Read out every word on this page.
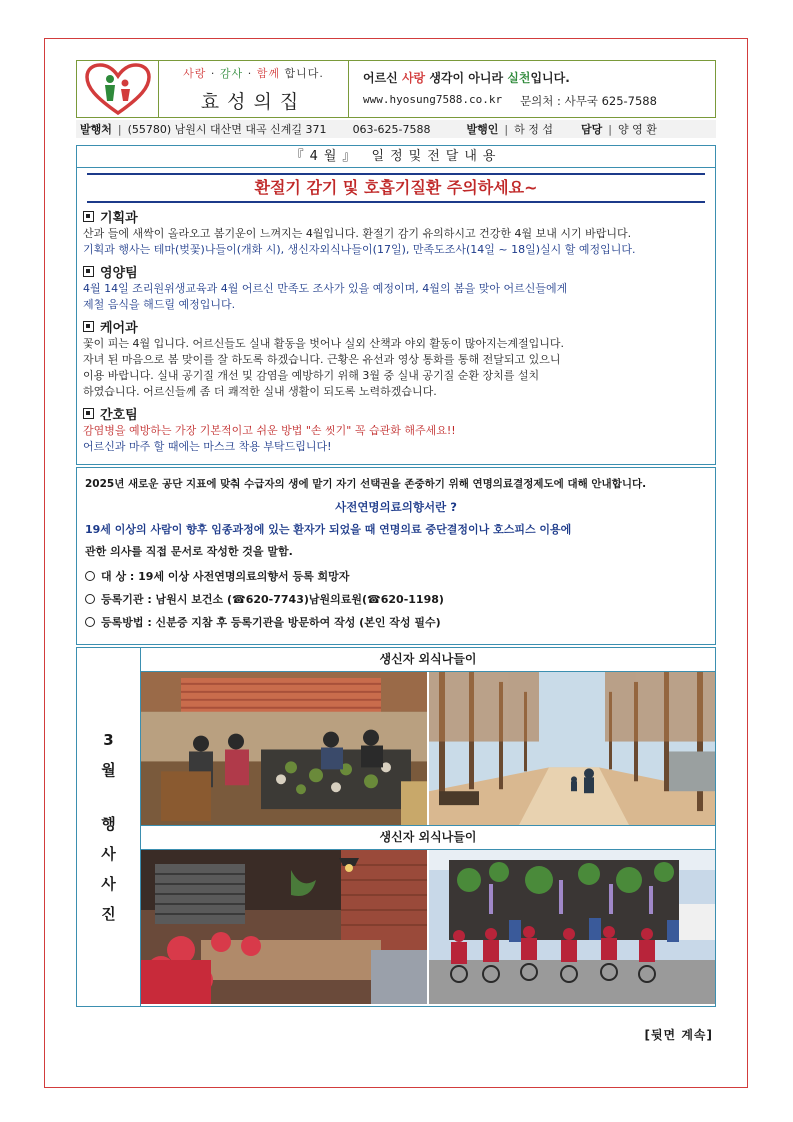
사랑 · 감사 · 함께 합니다.
효성의집
어르신 사랑 생각이 아니라 실천입니다.
www.hyosung7588.co.kr 문의처 : 사무국 625-7588
발행처 | (55780) 남원시 대산면 대곡 신계길 371 063-625-7588	발행인 | 하 정 섭	담당 | 양 영 환
『4월』 일정및전달내용
환절기 감기 및 호흡기질환 주의하세요~
기획과
산과 들에 새싹이 올라오고 봄기운이 느껴지는 4월입니다. 환절기 감기 유의하시고 건강한 4월 보내 시기 바랍니다.
기획과 행사는 테마(벚꽃)나들이(개화 시), 생신자외식나들이(17일), 만족도조사(14일 ~ 18일)실시 할 예정입니다.
영양팀
4월 14일 조리원위생교육과 4월 어르신 만족도 조사가 있을 예정이며, 4월의 봄을 맞아 어르신들에게
제철 음식을 해드릴 예정입니다.
케어과
꽃이 피는 4월 입니다. 어르신들도 실내 활동을 벗어나 실외 산책과 야외 활동이 많아지는계절입니다.
자녀 된 마음으로 봄 맞이를 잘 하도록 하겠습니다. 근황은 유선과 영상 통화를 통해 전달되고 있으니
이용 바랍니다. 실내 공기질 개선 및 감염을 예방하기 위해 3월 중 실내 공기질 순환 장치를 설치
하였습니다. 어르신들께 좀 더 쾌적한 실내 생활이 되도록 노력하겠습니다.
간호팀
감염병을 예방하는 가장 기본적이고 쉬운 방법 "손 씻기" 꼭 습관화 해주세요!!
어르신과 마주 할 때에는 마스크 착용 부탁드립니다!
2025년 새로운 공단 지표에 맞춰 수급자의 생에 맡기 자기 선택권을 존중하기 위해 연명의료결정제도에 대해 안내합니다.
사전연명의료의향서란 ?
19세 이상의 사람이 향후 임종과정에 있는 환자가 되었을 때 연명의료 중단결정이나 호스피스 이용에
관한 의사를 직접 문서로 작성한 것을 말함.
대 상 : 19세 이상 사전연명의료의향서 등록 희망자
등록기관 : 남원시 보건소 (☎620-7743)남원의료원(☎620-1198)
등록방법 : 신분증 지참 후 등록기관을 방문하여 작성 (본인 작성 필수)
3
월
행
사
사
진
생신자 외식나들이
생신자 외식나들이
[뒷면 계속]
